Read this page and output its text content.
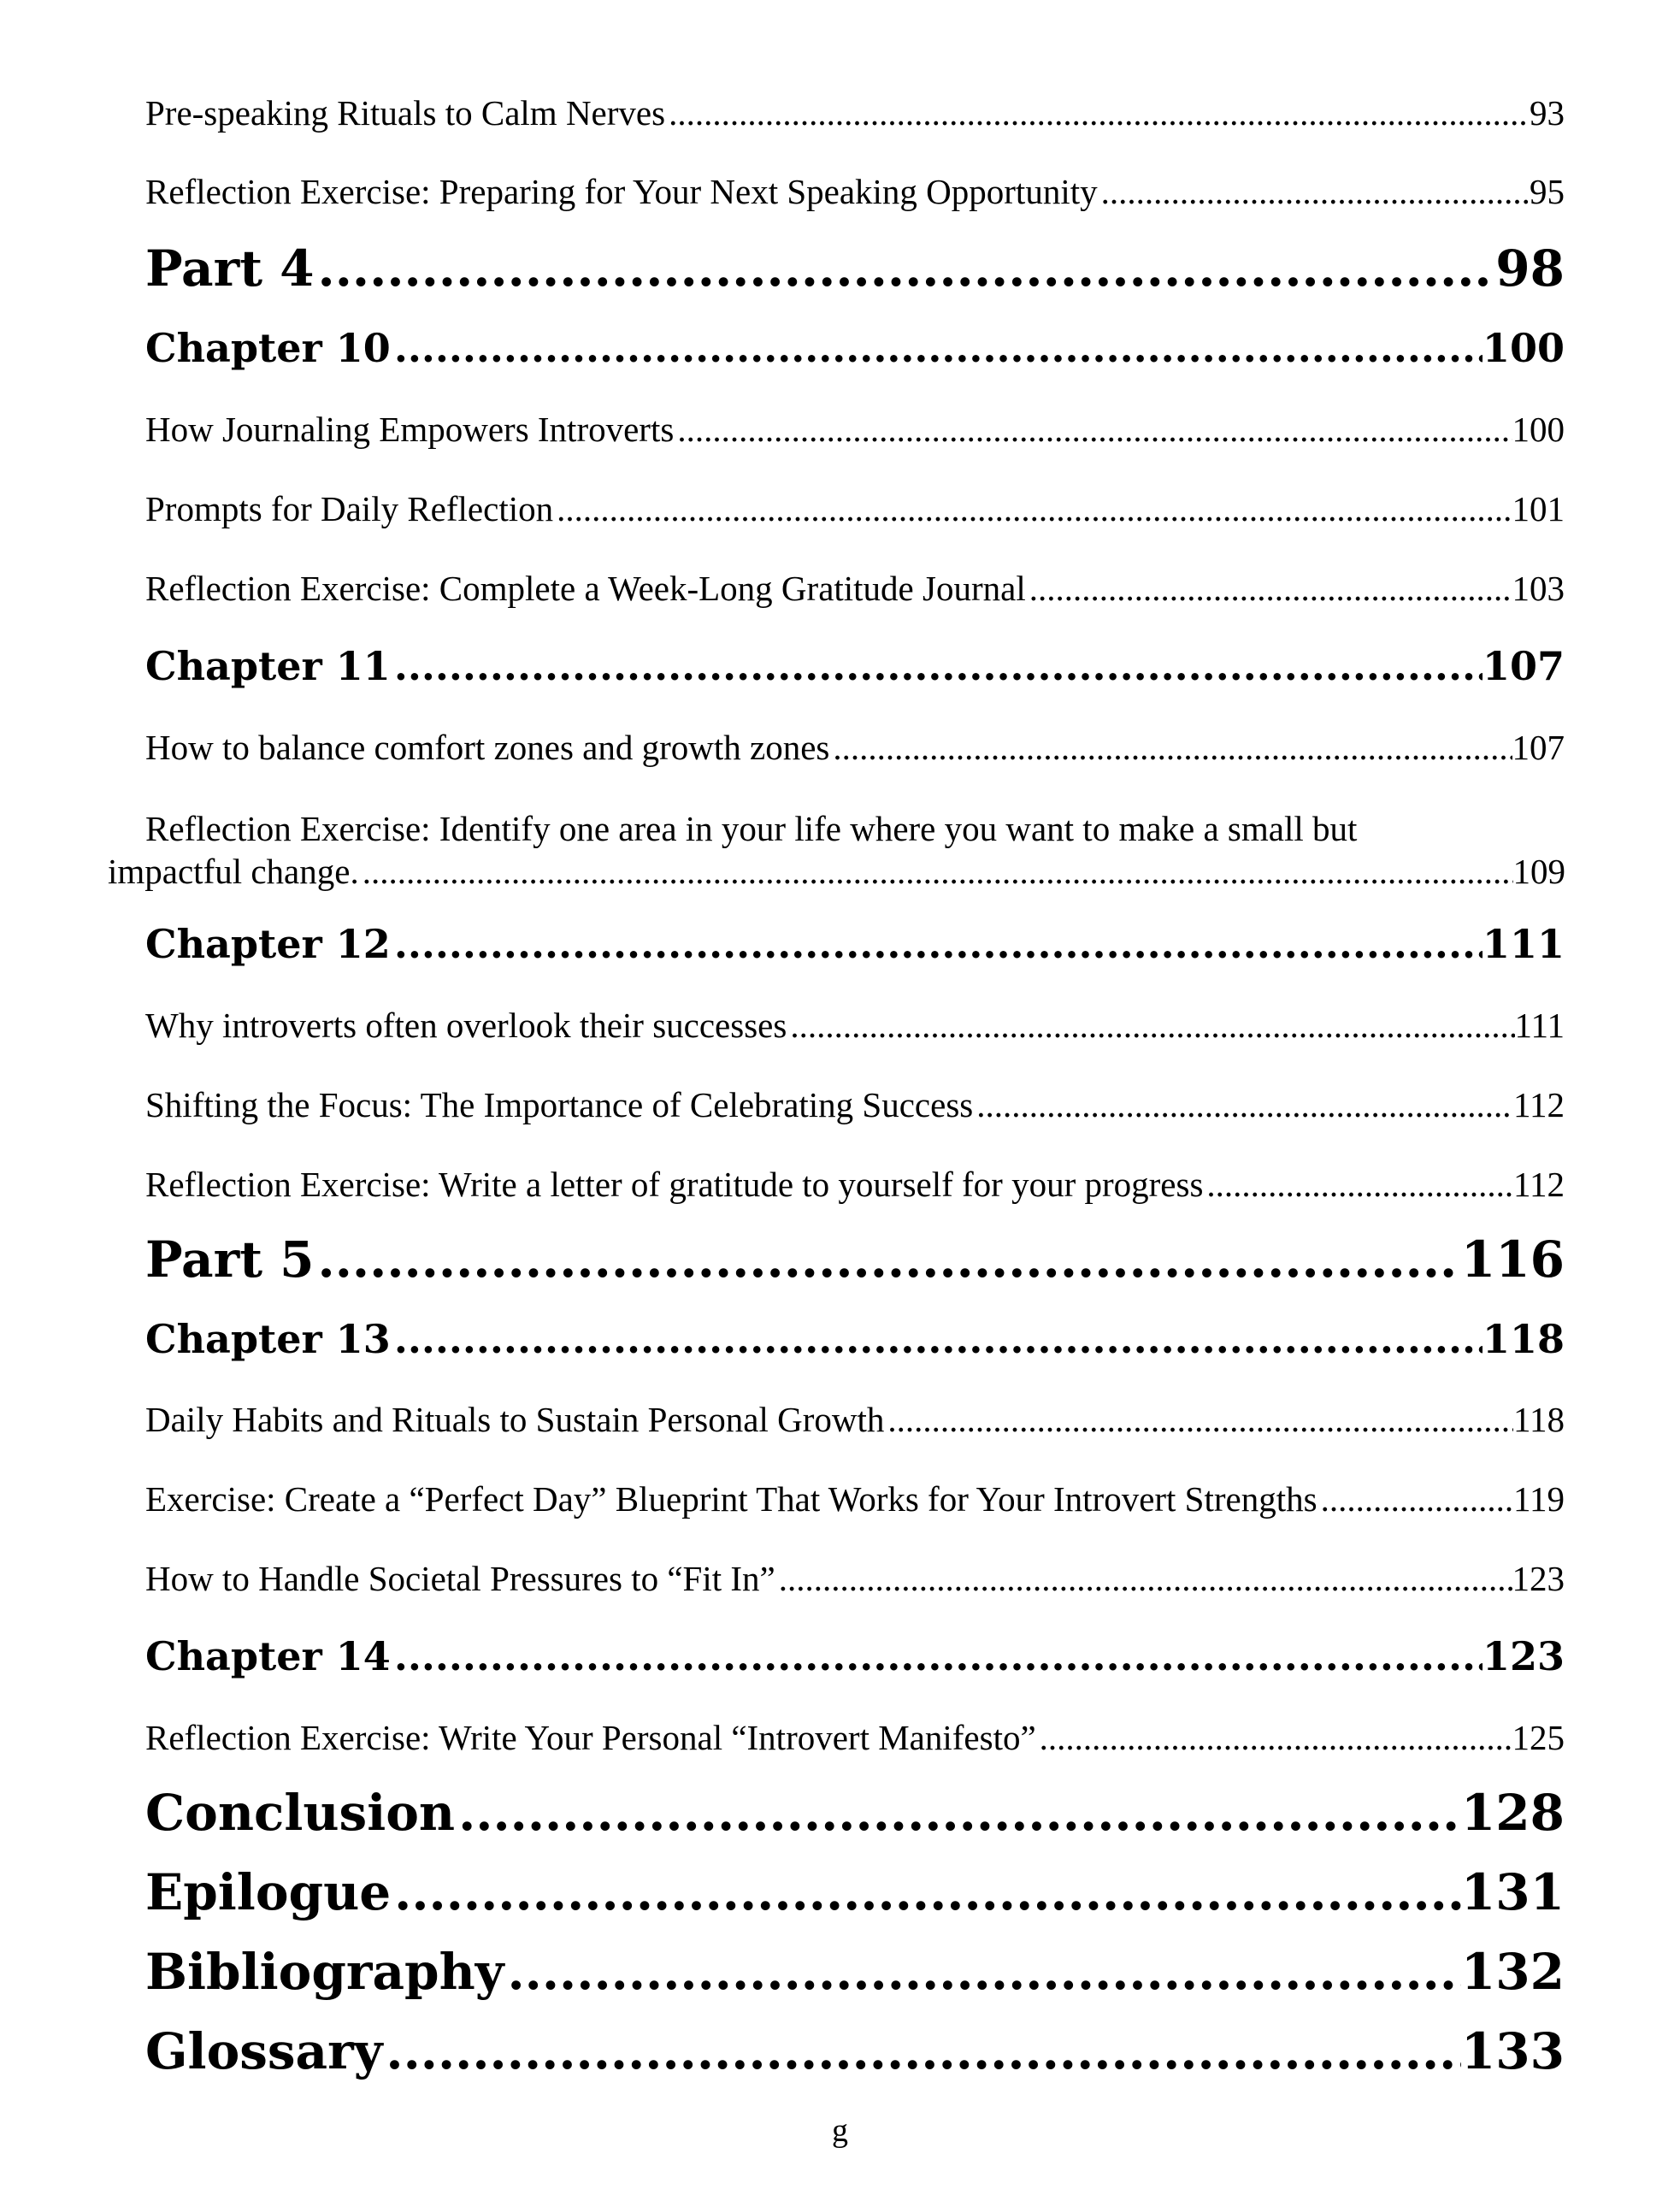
Pre-speaking Rituals to Calm Nerves .....	93
Reflection Exercise: Preparing for Your Next Speaking Opportunity .....	95
Part 4 .....	98
Chapter 10 .....	100
How Journaling Empowers Introverts .....	100
Prompts for Daily Reflection .....	101
Reflection Exercise: Complete a Week-Long Gratitude Journal .....	103
Chapter 11 .....	107
How to balance comfort zones and growth zones .....	107
Reflection Exercise: Identify one area in your life where you want to make a small but
impactful change. .....	109
Chapter 12 .....	111
Why introverts often overlook their successes .....	111
Shifting the Focus: The Importance of Celebrating Success .....	112
Reflection Exercise: Write a letter of gratitude to yourself for your progress .....	112
Part 5 .....	116
Chapter 13 .....	118
Daily Habits and Rituals to Sustain Personal Growth .....	118
Exercise: Create a “Perfect Day” Blueprint That Works for Your Introvert Strengths .....	119
How to Handle Societal Pressures to “Fit In” .....	123
Chapter 14 .....	123
Reflection Exercise: Write Your Personal “Introvert Manifesto” .....	125
Conclusion .....	128
Epilogue .....	131
Bibliography .....	132
Glossary .....	133
g
